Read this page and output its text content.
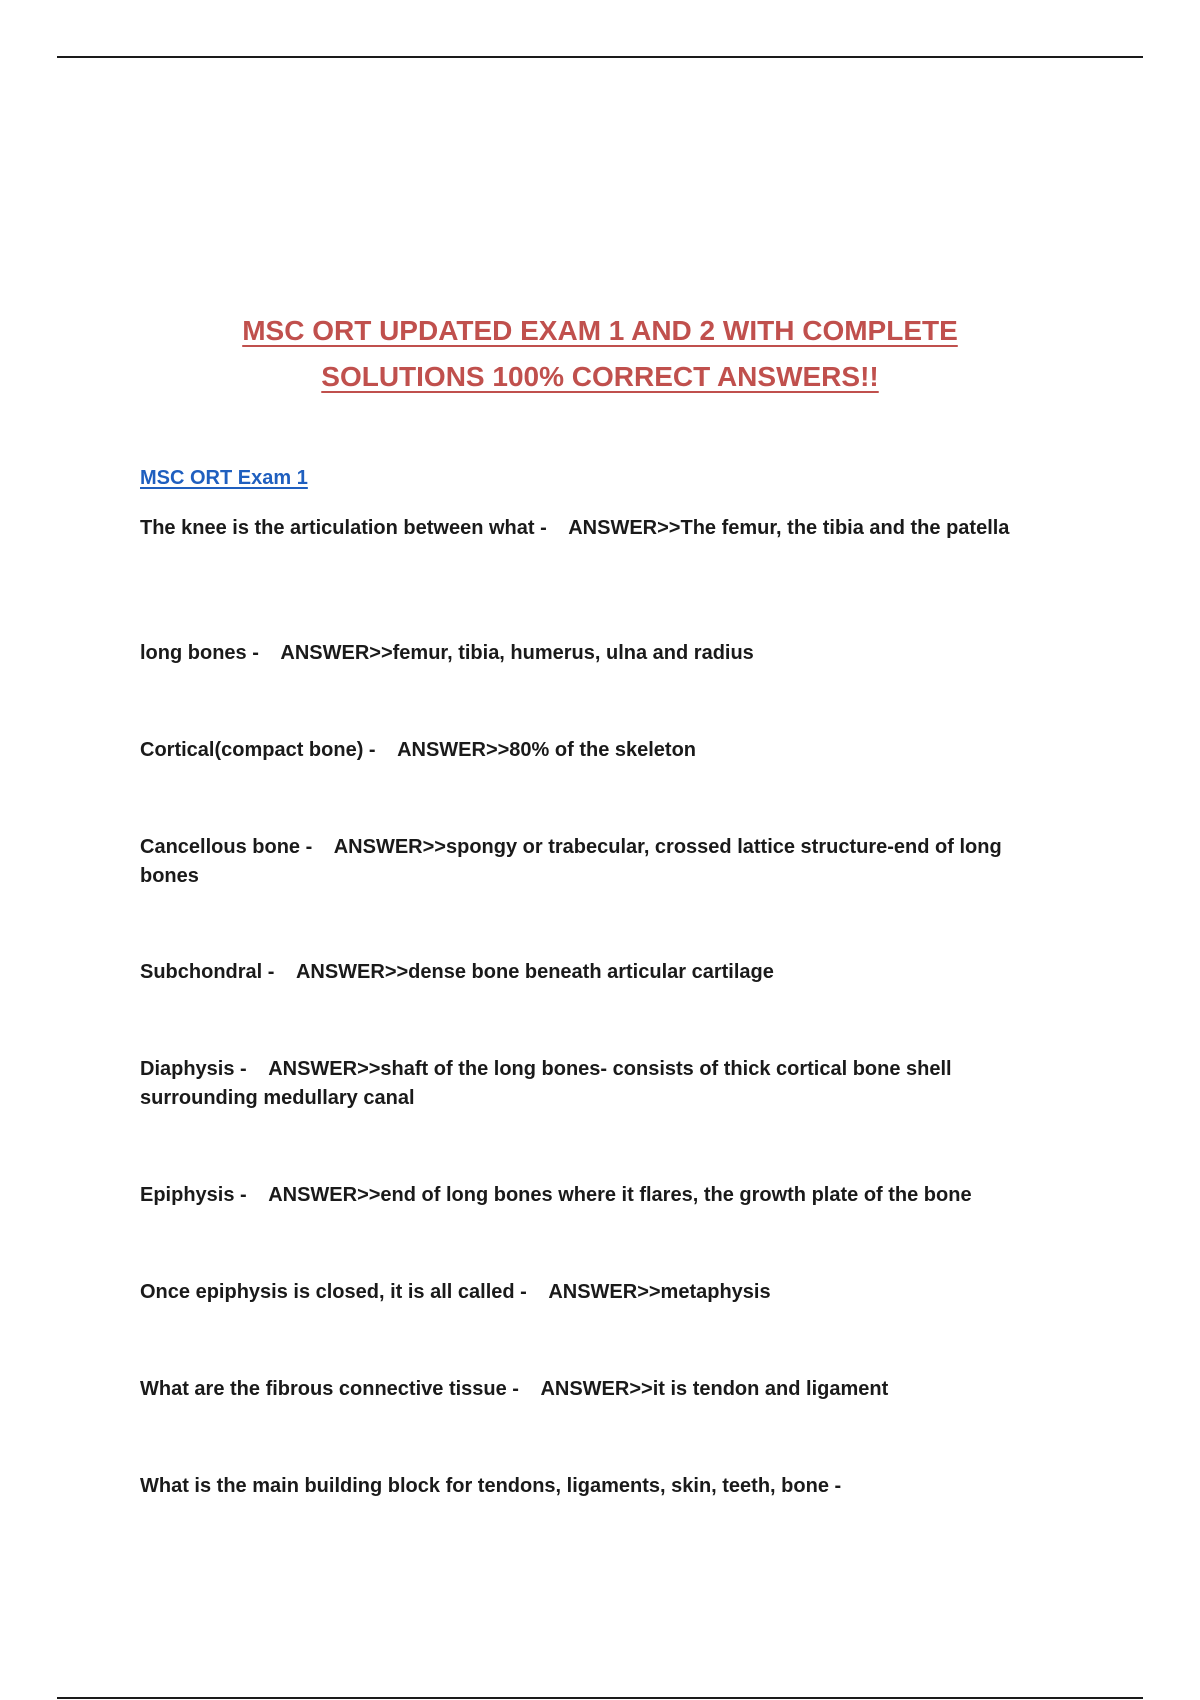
MSC ORT UPDATED EXAM 1 AND 2 WITH COMPLETE
SOLUTIONS 100% CORRECT ANSWERS!!
MSC ORT Exam 1
The knee is the articulation between what - ANSWER>>The femur, the tibia and the patella
long bones - ANSWER>>femur, tibia, humerus, ulna and radius
Cortical(compact bone) - ANSWER>>80% of the skeleton
Cancellous bone - ANSWER>>spongy or trabecular, crossed lattice structure-end of long bones
Subchondral - ANSWER>>dense bone beneath articular cartilage
Diaphysis - ANSWER>>shaft of the long bones- consists of thick cortical bone shell surrounding medullary canal
Epiphysis - ANSWER>>end of long bones where it flares, the growth plate of the bone
Once epiphysis is closed, it is all called - ANSWER>>metaphysis
What are the fibrous connective tissue - ANSWER>>it is tendon and ligament
What is the main building block for tendons, ligaments, skin, teeth, bone -
